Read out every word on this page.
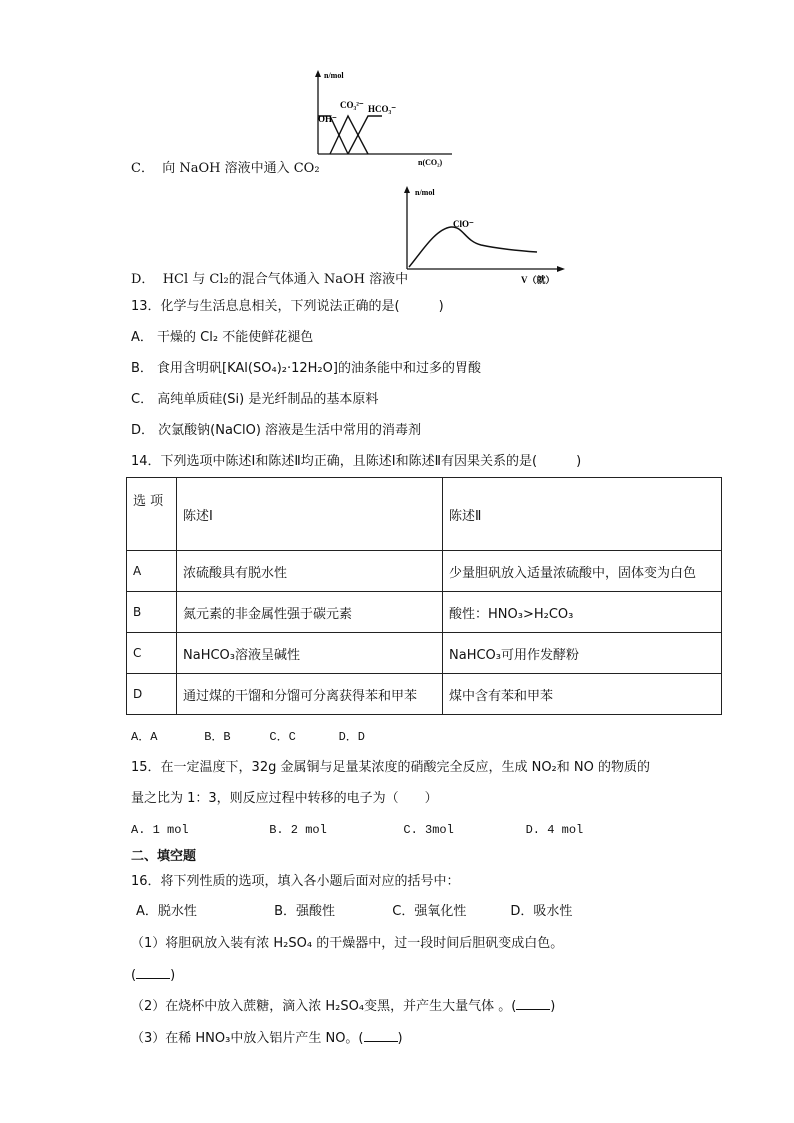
n/mol
n(CO₂)
OH⁻
CO₃²⁻ HCO₃⁻
C． 向 NaOH 溶液中通入 CO₂
n/mol
V（就）
ClO⁻
D． HCl 与 Cl₂的混合气体通入 NaOH 溶液中
13．化学与生活息息相关，下列说法正确的是(　　　)
A． 干燥的 Cl₂ 不能使鲜花褪色
B． 食用含明矾[KAl(SO₄)₂·12H₂O]的油条能中和过多的胃酸
C． 高纯单质硅(Si) 是光纤制品的基本原料
D． 次氯酸钠(NaClO) 溶液是生活中常用的消毒剂
14．下列选项中陈述Ⅰ和陈述Ⅱ均正确，且陈述Ⅰ和陈述Ⅱ有因果关系的是(　　　)
选 项	陈述Ⅰ	陈述Ⅱ
A	浓硫酸具有脱水性	少量胆矾放入适量浓硫酸中，固体变为白色
B	氮元素的非金属性强于碳元素	酸性：HNO₃>H₂CO₃
C	NaHCO₃溶液呈碱性	NaHCO₃可用作发酵粉
D	通过煤的干馏和分馏可分离获得苯和甲苯	煤中含有苯和甲苯
A．A	B．B	C．C	D．D
15．在一定温度下，32g 金属铜与足量某浓度的硝酸完全反应，生成 NO₂和 NO 的物质的
量之比为 1：3，则反应过程中转移的电子为（　　）
A. 1 mol	B. 2 mol	C. 3mol	D. 4 mol
二、填空题
16．将下列性质的选项，填入各小题后面对应的括号中：
A．脱水性	B．强酸性	C．强氧化性	D．吸水性
（1）将胆矾放入装有浓 H₂SO₄ 的干燥器中，过一段时间后胆矾变成白色。
(	)
（2）在烧杯中放入蔗糖，滴入浓 H₂SO₄变黑，并产生大量气体 。(	)
（3）在稀 HNO₃中放入铝片产生 NO。(	)
